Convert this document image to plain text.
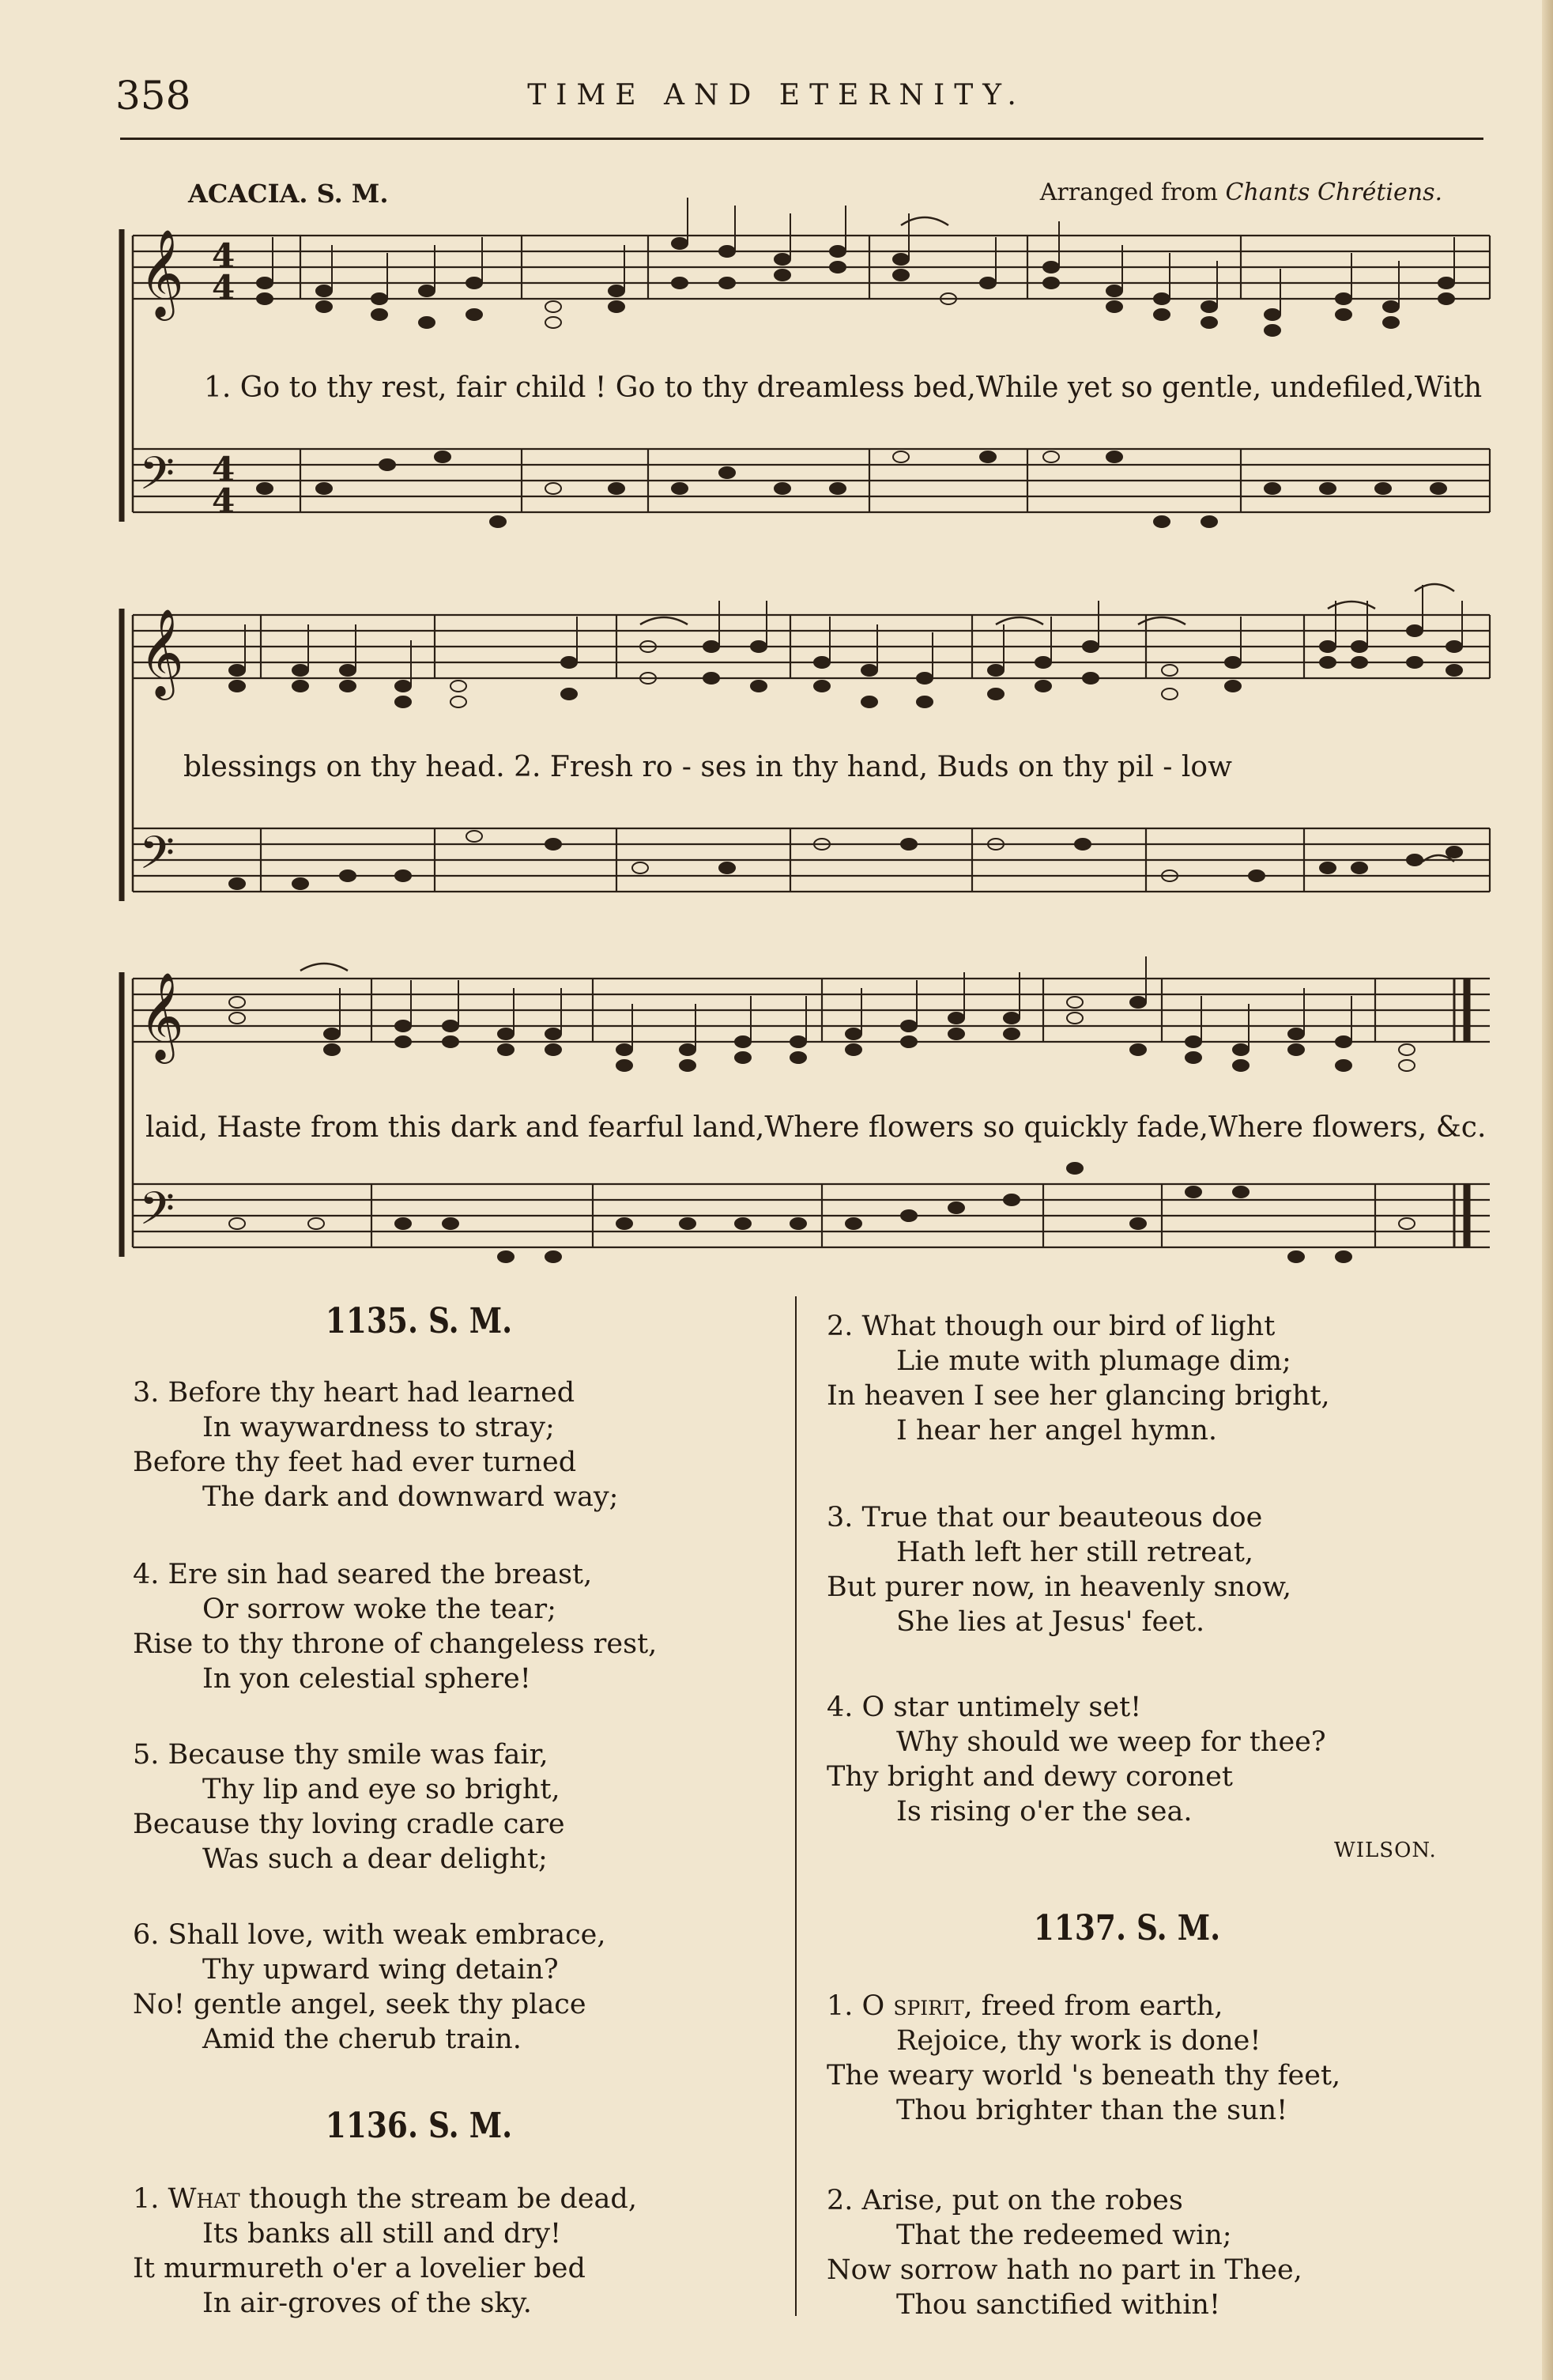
358	TIME AND ETERNITY.
ACACIA. S. M.	Arranged from Chants Chrétiens.
𝄞
𝄢
𝄞
𝄢
𝄞
𝄢
4
4
4
4
1. Go to thy rest, fair child ! Go to thy dreamless bed,While yet so gentle, undefiled,With
blessings on thy head. 2. Fresh ro - ses in thy hand, Buds on thy pil - low
laid, Haste from this dark and fearful land,Where flowers so quickly fade,Where flowers, &c.
1135. S. M.
3. Before thy heart had learned
In waywardness to stray;
Before thy feet had ever turned
The dark and downward way;
4. Ere sin had seared the breast,
Or sorrow woke the tear;
Rise to thy throne of changeless rest,
In yon celestial sphere!
5. Because thy smile was fair,
Thy lip and eye so bright,
Because thy loving cradle care
Was such a dear delight;
6. Shall love, with weak embrace,
Thy upward wing detain?
No! gentle angel, seek thy place
Amid the cherub train.
1136. S. M.
1. What though the stream be dead,
Its banks all still and dry!
It murmureth o'er a lovelier bed
In air-groves of the sky.
2. What though our bird of light
Lie mute with plumage dim;
In heaven I see her glancing bright,
I hear her angel hymn.
3. True that our beauteous doe
Hath left her still retreat,
But purer now, in heavenly snow,
She lies at Jesus' feet.
4. O star untimely set!
Why should we weep for thee?
Thy bright and dewy coronet
Is rising o'er the sea.
WILSON.
1137. S. M.
1. O spirit, freed from earth,
Rejoice, thy work is done!
The weary world 's beneath thy feet,
Thou brighter than the sun!
2. Arise, put on the robes
That the redeemed win;
Now sorrow hath no part in Thee,
Thou sanctified within!
